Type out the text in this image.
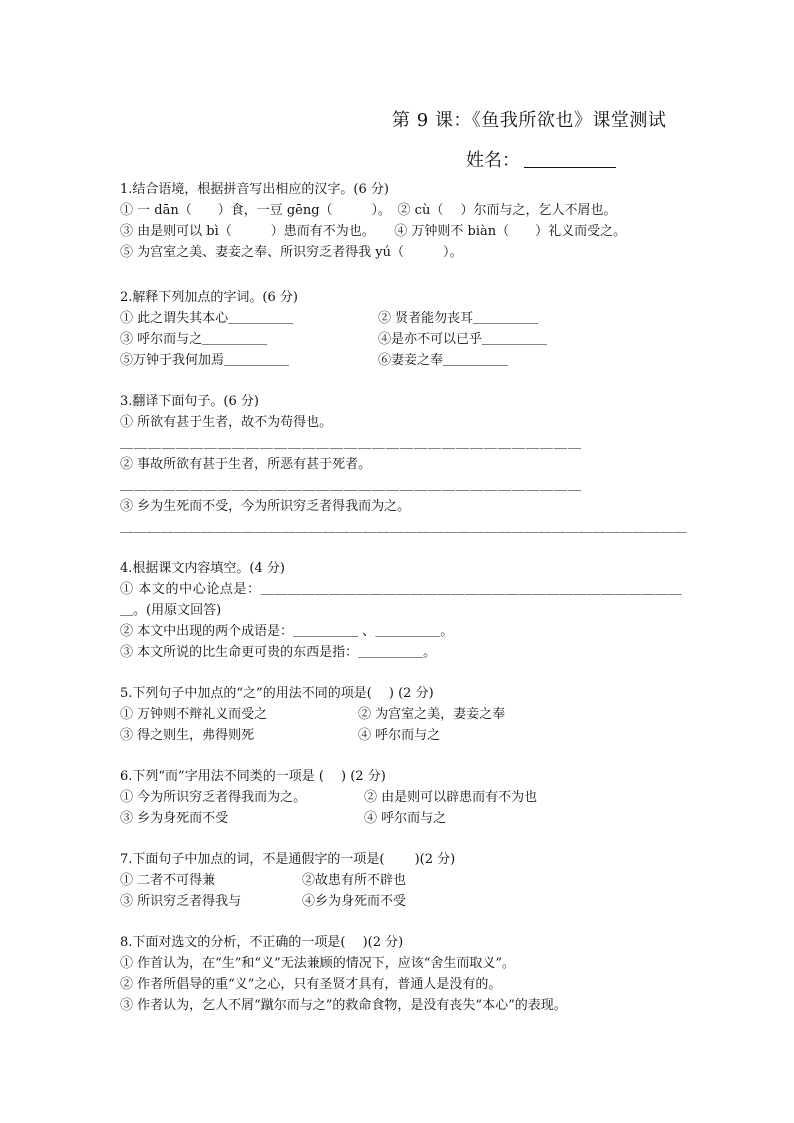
第 9 课：《鱼我所欲也》课堂测试
姓名：
1.结合语境，根据拼音写出相应的汉字。(6 分)
① 一 dān（　　）食，一豆 gēng（　　　）。　② cù（　 ）尔而与之，乞人不屑也。
③ 由是则可以 bì（　　　）患而有不为也。　　④ 万钟则不 biàn（　　）礼义而受之。
⑤ 为宫室之美、妻妾之奉、所识穷乏者得我 yú（　　　）。
2.解释下列加点的字词。(6 分)
① 此之谓失其本心＿＿＿＿＿	② 贤者能勿丧耳＿＿＿＿＿
③ 呼尔而与之＿＿＿＿＿	④是亦不可以已乎＿＿＿＿＿
⑤万钟于我何加焉＿＿＿＿＿	⑥妻妾之奉＿＿＿＿＿
3.翻译下面句子。(6 分)
① 所欲有甚于生者，故不为苟得也。
＿＿＿＿＿＿＿＿＿＿＿＿＿＿＿＿＿＿＿＿＿＿＿＿＿＿＿＿＿＿＿＿＿
② 事故所欲有甚于生者，所恶有甚于死者。
＿＿＿＿＿＿＿＿＿＿＿＿＿＿＿＿＿＿＿＿＿＿＿＿＿＿＿＿＿＿＿＿＿
③ 乡为生死而不受，今为所识穷乏者得我而为之。
＿＿＿＿＿＿＿＿＿＿＿＿＿＿＿＿＿＿＿＿＿＿＿＿＿＿＿＿＿＿＿＿＿＿＿＿＿＿＿＿＿＿
4.根据课文内容填空。(4 分)
① 本文的中心论点是：＿＿＿＿＿＿＿＿＿＿＿＿＿＿＿＿＿＿＿＿＿＿＿＿＿＿＿＿＿＿＿
＿。(用原文回答)
② 本文中出现的两个成语是：＿＿＿＿＿ 、＿＿＿＿＿。
③ 本文所说的比生命更可贵的东西是指：＿＿＿＿＿。
5.下列句子中加点的“之”的用法不同的项是(　 ) (2 分)
① 万钟则不辩礼义而受之	② 为宫室之美，妻妾之奉
③ 得之则生，弗得则死	④ 呼尔而与之
6.下列“而”字用法不同类的一项是 (　 ) (2 分)
① 今为所识穷乏者得我而为之。	② 由是则可以辟患而有不为也
③ 乡为身死而不受	④ 呼尔而与之
7.下面句子中加点的词，不是通假字的一项是(　 　)(2 分)
① 二者不可得兼	②故患有所不辟也
③ 所识穷乏者得我与	④乡为身死而不受
8.下面对选文的分析，不正确的一项是(　 )(2 分)
① 作首认为，在“生”和“义”无法兼顾的情况下，应该“舍生而取义”。
② 作者所倡导的重“义”之心，只有圣贤才具有，普通人是没有的。
③ 作者认为，乞人不屑“蹴尔而与之”的救命食物，是没有丧失“本心”的表现。
